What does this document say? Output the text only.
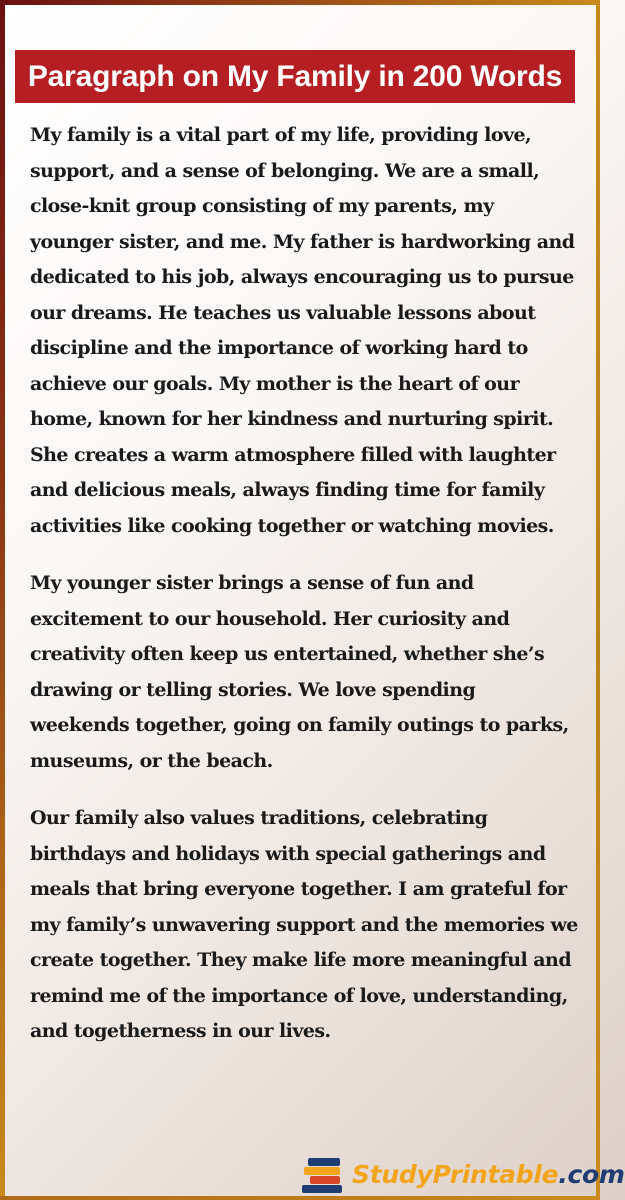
Paragraph on My Family in 200 Words

My family is a vital part of my life, providing love, support, and a sense of belonging. We are a small, close-knit group consisting of my parents, my younger sister, and me. My father is hardworking and dedicated to his job, always encouraging us to pursue our dreams. He teaches us valuable lessons about discipline and the importance of working hard to achieve our goals. My mother is the heart of our home, known for her kindness and nurturing spirit. She creates a warm atmosphere filled with laughter and delicious meals, always finding time for family activities like cooking together or watching movies.

My younger sister brings a sense of fun and excitement to our household. Her curiosity and creativity often keep us entertained, whether she’s drawing or telling stories. We love spending weekends together, going on family outings to parks, museums, or the beach.

Our family also values traditions, celebrating birthdays and holidays with special gatherings and meals that bring everyone together. I am grateful for my family’s unwavering support and the memories we create together. They make life more meaningful and remind me of the importance of love, understanding, and togetherness in our lives.

StudyPrintable.com
